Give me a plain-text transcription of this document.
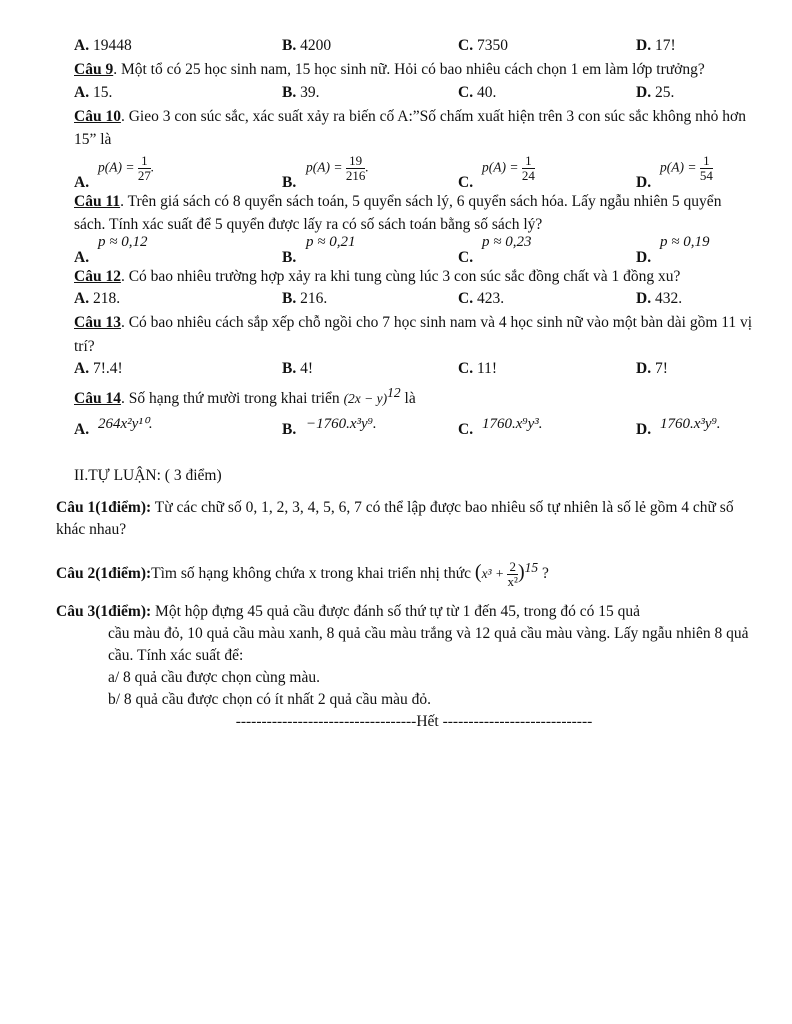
A. 19448	B. 4200	C. 7350	D. 17!

Câu 9. Một tổ có 25 học sinh nam, 15 học sinh nữ. Hỏi có bao nhiêu cách chọn 1 em làm lớp trưởng?

A. 15.	B. 39.	C. 40.	D. 25.

Câu 10. Gieo 3 con súc sắc, xác suất xảy ra biến cố A:”Số chấm xuất hiện trên 3 con súc sắc không nhỏ hơn 15” là

A.
$p(A) = \frac{1}{27}$ .
B.
$p(A) = \frac{19}{216}$ .
C.
$p(A) = \frac{1}{24}$	D.
$p(A) = \frac{1}{54}$

Câu 11. Trên giá sách có 8 quyển sách toán, 5 quyển sách lý, 6 quyển sách hóa. Lấy ngẫu nhiên 5 quyển sách. Tính xác suất để 5 quyển được lấy ra có số sách toán bằng số sách lý?

A.
p ≈ 0,12
B.
p ≈ 0,21
C.
p ≈ 0,23
D.
p ≈ 0,19

Câu 12. Có bao nhiêu trường hợp xảy ra khi tung cùng lúc 3 con súc sắc đồng chất và 1 đồng xu?

A. 218.	B. 216.	C. 423.	D. 432.

Câu 13. Có bao nhiêu cách sắp xếp chỗ ngồi cho 7 học sinh nam và 4 học sinh nữ vào một bàn dài gồm 11 vị trí?

A. 7!.4!	B. 4!	C. 11!	D. 7!

Câu 14. Số hạng thứ mười trong khai triển $(2x - y)^{12}$ là

A. 264x²y¹⁰.	B. −1760.x³y⁹.	C. 1760.x⁹y³.	D. 1760.x³y⁹.
II.TỰ LUẬN: ( 3 điểm)

Câu 1(1điểm): Từ các chữ số 0, 1, 2, 3, 4, 5, 6, 7 có thể lập được bao nhiêu số tự nhiên là số lẻ gồm 4 chữ số khác nhau?

Câu 2(1điểm):Tìm số hạng không chứa x trong khai triển nhị thức $(x^3 + \frac{2}{\text{x²}} )^{15}$ ?

Câu 3(1điểm): Một hộp đựng 45 quả cầu được đánh số thứ tự từ 1 đến 45, trong đó có 15 quả

cầu màu đỏ, 10 quả cầu màu xanh, 8 quả cầu màu trắng và 12 quả cầu màu vàng. Lấy ngẫu nhiên 8 quả cầu. Tính xác suất để:

a/ 8 quả cầu được chọn cùng màu.
b/ 8 quả cầu được chọn có ít nhất 2 quả cầu màu đỏ.
-----------------------------------Hết -----------------------------
